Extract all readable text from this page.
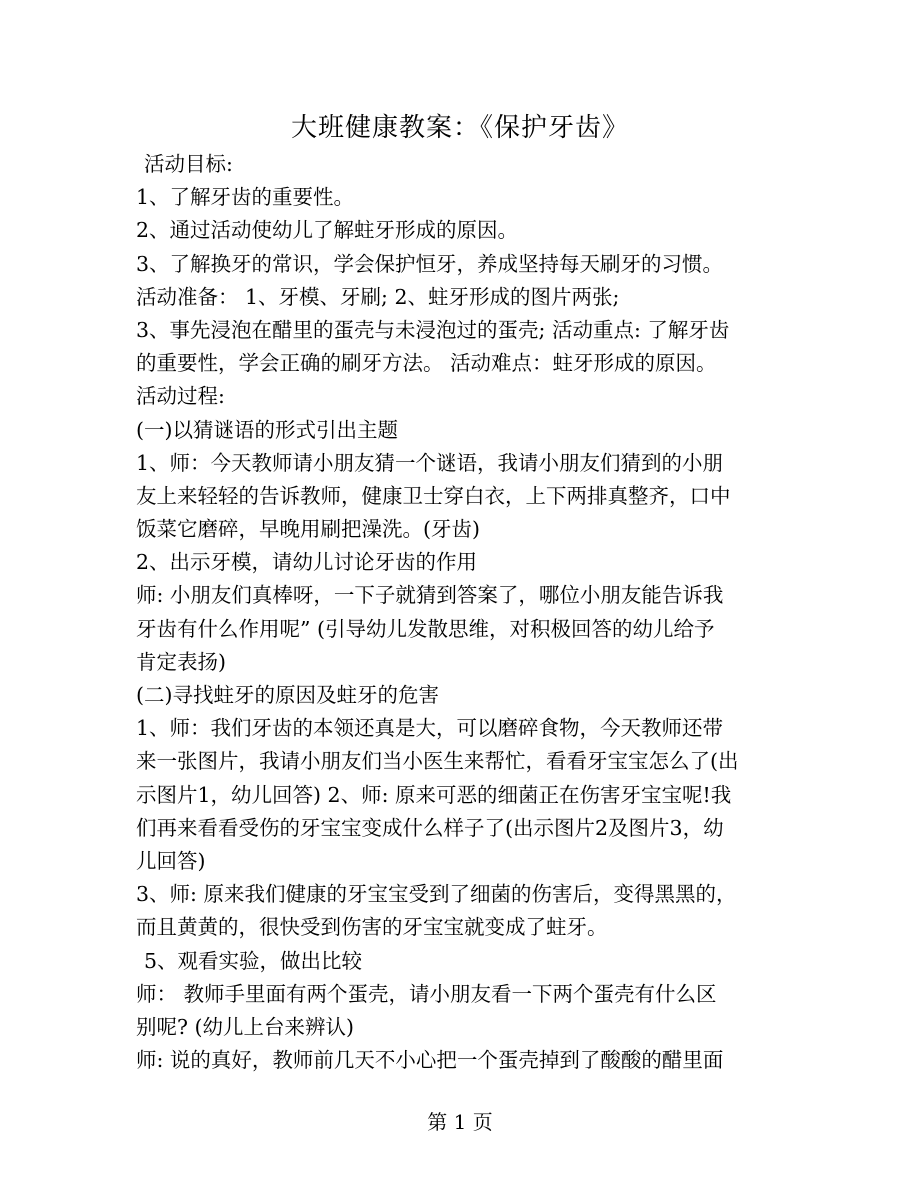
大班健康教案：《保护牙齿》
活动目标:
1、了解牙齿的重要性。
2、通过活动使幼儿了解蛀牙形成的原因。
3、了解换牙的常识，学会保护恒牙，养成坚持每天刷牙的习惯。
活动准备： 1、牙模、牙刷; 2、蛀牙形成的图片两张;
3、事先浸泡在醋里的蛋壳与未浸泡过的蛋壳; 活动重点: 了解牙齿
的重要性，学会正确的刷牙方法。 活动难点：蛀牙形成的原因。
活动过程:
(一)以猜谜语的形式引出主题
1、师：今天教师请小朋友猜一个谜语，我请小朋友们猜到的小朋
友上来轻轻的告诉教师，健康卫士穿白衣，上下两排真整齐，口中
饭菜它磨碎，早晚用刷把澡洗。(牙齿)
2、出示牙模，请幼儿讨论牙齿的作用
师: 小朋友们真棒呀，一下子就猜到答案了，哪位小朋友能告诉我
牙齿有什么作用呢” (引导幼儿发散思维，对积极回答的幼儿给予
肯定表扬)
(二)寻找蛀牙的原因及蛀牙的危害
1、师：我们牙齿的本领还真是大，可以磨碎食物，今天教师还带
来一张图片，我请小朋友们当小医生来帮忙，看看牙宝宝怎么了(出
示图片1，幼儿回答) 2、师: 原来可恶的细菌正在伤害牙宝宝呢!我
们再来看看受伤的牙宝宝变成什么样子了(出示图片2及图片3，幼
儿回答)
3、师: 原来我们健康的牙宝宝受到了细菌的伤害后，变得黑黑的，
而且黄黄的，很快受到伤害的牙宝宝就变成了蛀牙。
5、观看实验，做出比较
师： 教师手里面有两个蛋壳，请小朋友看一下两个蛋壳有什么区
别呢? (幼儿上台来辨认)
师: 说的真好，教师前几天不小心把一个蛋壳掉到了酸酸的醋里面
第 1 页
